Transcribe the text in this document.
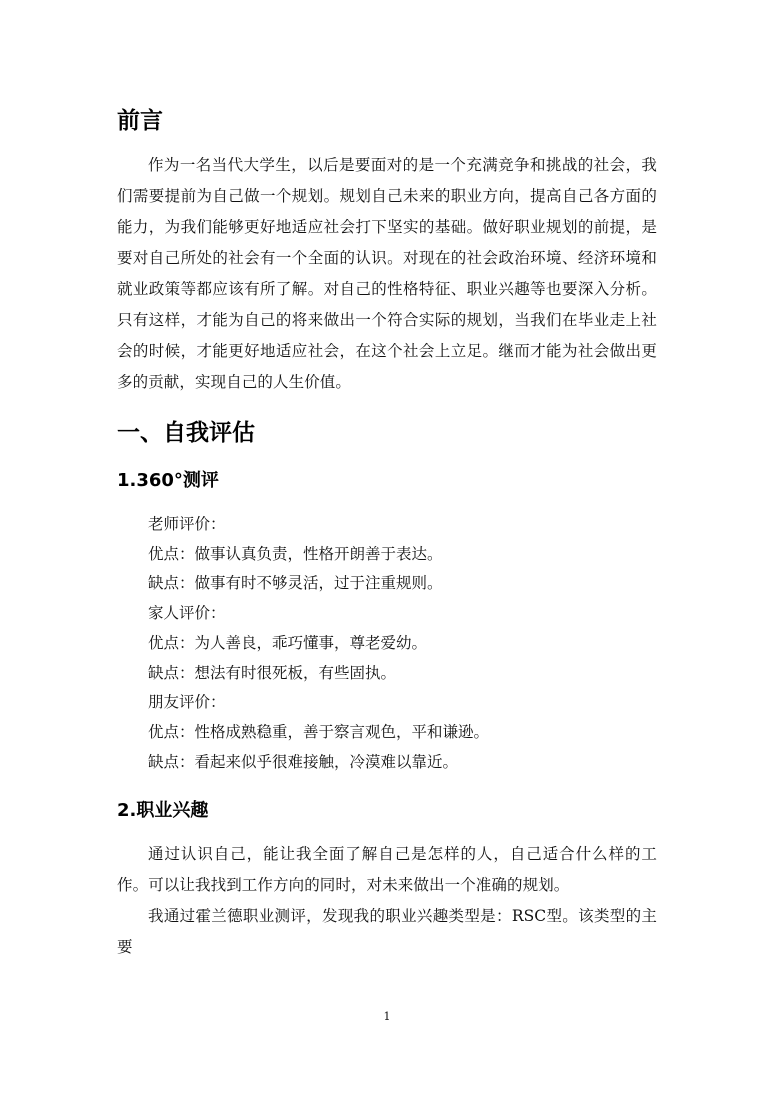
前言

作为一名当代大学生，以后是要面对的是一个充满竞争和挑战的社会，我们需要提前为自己做一个规划。规划自己未来的职业方向，提高自己各方面的能力，为我们能够更好地适应社会打下坚实的基础。做好职业规划的前提，是要对自己所处的社会有一个全面的认识。对现在的社会政治环境、经济环境和就业政策等都应该有所了解。对自己的性格特征、职业兴趣等也要深入分析。只有这样，才能为自己的将来做出一个符合实际的规划，当我们在毕业走上社会的时候，才能更好地适应社会，在这个社会上立足。继而才能为社会做出更多的贡献，实现自己的人生价值。

一、自我评估
1.360°测评

老师评价：

优点：做事认真负责，性格开朗善于表达。

缺点：做事有时不够灵活，过于注重规则。

家人评价：

优点：为人善良，乖巧懂事，尊老爱幼。

缺点：想法有时很死板，有些固执。

朋友评价：

优点：性格成熟稳重，善于察言观色，平和谦逊。

缺点：看起来似乎很难接触，冷漠难以靠近。

2.职业兴趣

通过认识自己，能让我全面了解自己是怎样的人，自己适合什么样的工作。可以让我找到工作方向的同时，对未来做出一个准确的规划。

我通过霍兰德职业测评，发现我的职业兴趣类型是：RSC型。该类型的主要

1
